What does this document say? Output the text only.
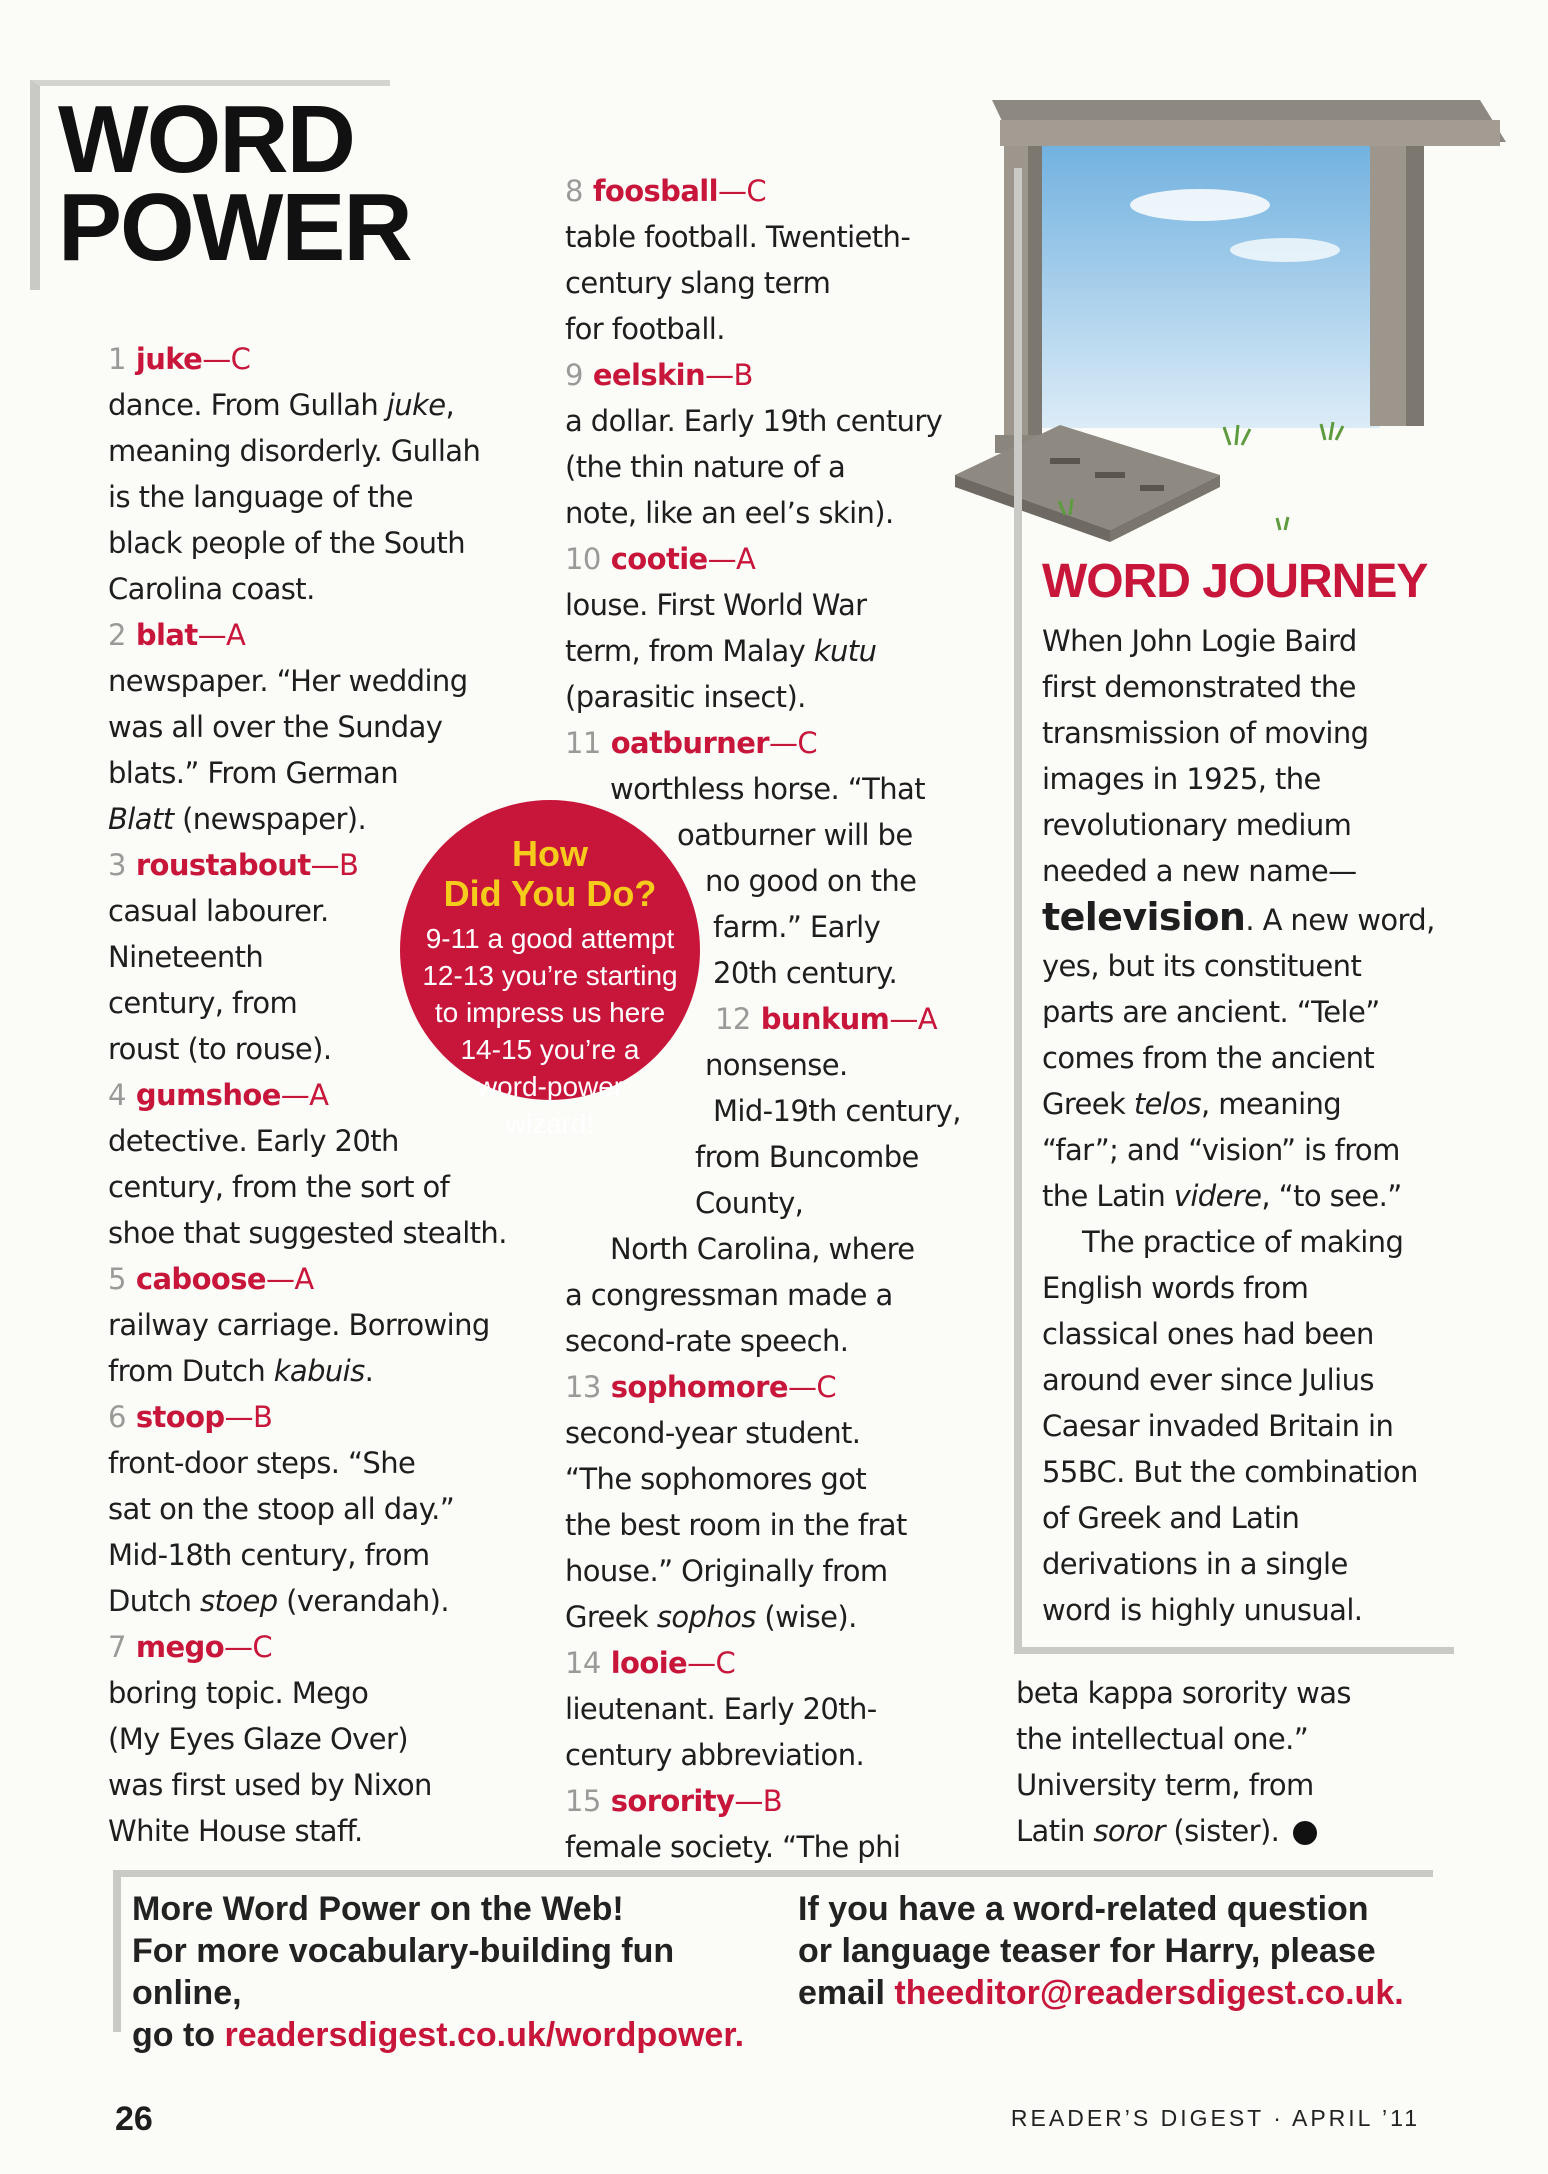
WORD
POWER
WORD JOURNEY

1 juke—C
dance. From Gullah juke,
meaning disorderly. Gullah
is the language of the
black people of the South
Carolina coast.

2 blat—A
newspaper. “Her wedding
was all over the Sunday
blats.” From German
Blatt (newspaper).

3 roustabout—B
casual labourer.
Nineteenth
century, from
roust (to rouse).

4 gumshoe—A
detective. Early 20th
century, from the sort of
shoe that suggested stealth.

5 caboose—A
railway carriage. Borrowing
from Dutch kabuis.

6 stoop—B
front-door steps. “She
sat on the stoop all day.”
Mid-18th century, from
Dutch stoep (verandah).

7 mego—C
boring topic. Mego
(My Eyes Glaze Over)
was first used by Nixon
White House staff.

8 foosball—C
table football. Twentieth-
century slang term
for football.

9 eelskin—B
a dollar. Early 19th century
(the thin nature of a
note, like an eel’s skin).

10 cootie—A
louse. First World War
term, from Malay kutu
(parasitic insect).

11 oatburner—C
worthless horse. “That
oatburner will be
no good on the
farm.” Early
20th century.

12 bunkum—A
nonsense.
Mid-19th century,
from Buncombe County,
North Carolina, where
a congressman made a
second-rate speech.

13 sophomore—C
second-year student.
“The sophomores got
the best room in the frat
house.” Originally from
Greek sophos (wise).

14 looie—C
lieutenant. Early 20th-
century abbreviation.

15 sorority—B
female society. “The phi

When John Logie Baird
first demonstrated the
transmission of moving
images in 1925, the
revolutionary medium
needed a new name—
television. A new word,
yes, but its constituent
parts are ancient. “Tele”
comes from the ancient
Greek telos, meaning
“far”; and “vision” is from
the Latin videre, “to see.”

The practice of making
English words from
classical ones had been
around ever since Julius
Caesar invaded Britain in
55BC. But the combination
of Greek and Latin
derivations in a single
word is highly unusual.

beta kappa sorority was
the intellectual one.”
University term, from
Latin soror (sister).

How
Did You Do?
9-11 a good attempt
12-13 you’re starting
to impress us here
14-15 you’re a
word-power
wizard!
More Word Power on the Web!
For more vocabulary-building fun online,
go to readersdigest.co.uk/wordpower.
If you have a word-related question
or language teaser for Harry, please
email theeditor@readersdigest.co.uk.
26	READER’S DIGEST · APRIL ’11
